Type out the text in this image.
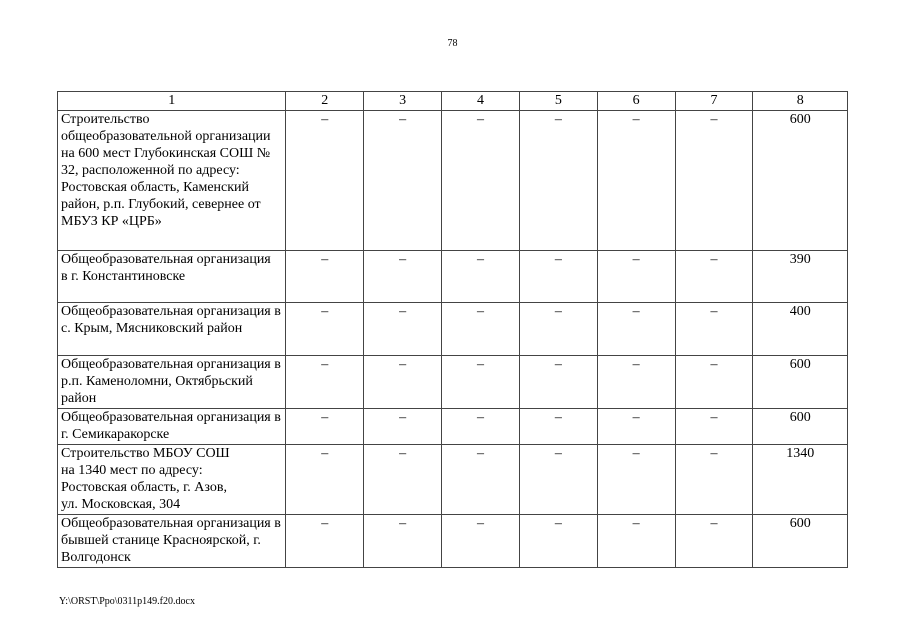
78
1	2	3	4	5	6	7	8
Строительство общеобразовательной организации на 600 мест Глубокинская СОШ № 32, расположенной по адресу: Ростовская область, Каменский район, р.п. Глубокий, севернее от МБУЗ КР «ЦРБ»	–	–	–	–	–	–	600
Общеобразовательная организация
в г. Константиновске	–	–	–	–	–	–	390
Общеобразовательная организация в с. Крым, Мясниковский район	–	–	–	–	–	–	400
Общеобразовательная организация в р.п. Каменоломни, Октябрьский район	–	–	–	–	–	–	600
Общеобразовательная организация в г. Семикаракорске	–	–	–	–	–	–	600
Строительство МБОУ СОШ
на 1340 мест по адресу:
Ростовская область, г. Азов,
ул. Московская, 304	–	–	–	–	–	–	1340
Общеобразовательная организация в бывшей станице Красноярской, г. Волгодонск	–	–	–	–	–	–	600
Y:\ORST\Ppo\0311p149.f20.docx
